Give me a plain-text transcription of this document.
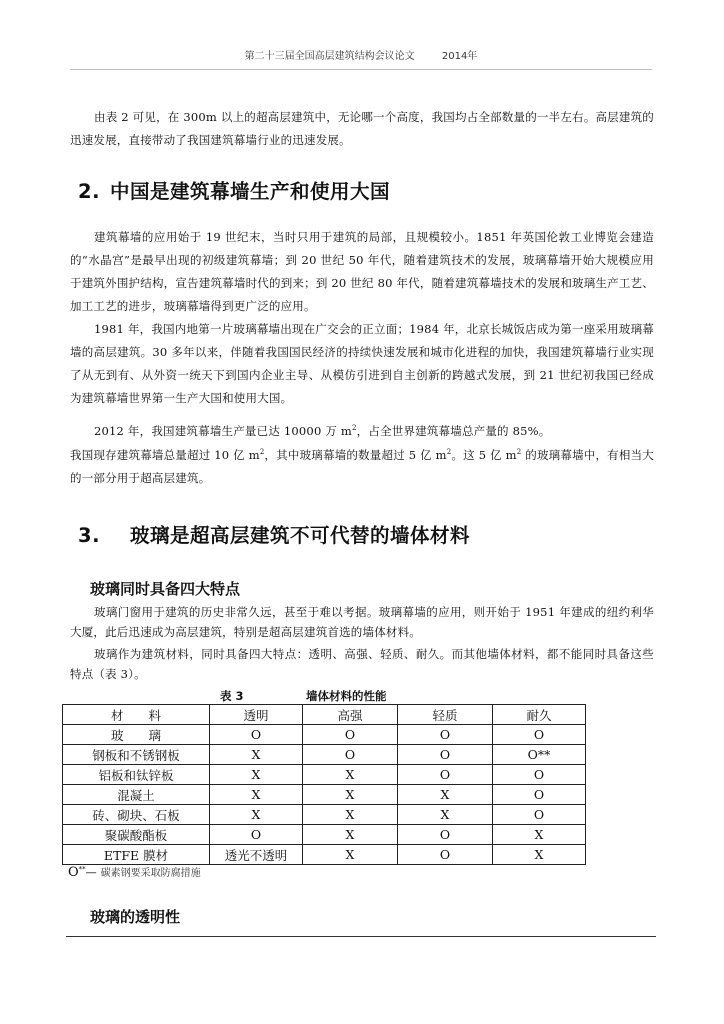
第二十三届全国高层建筑结构会议论文	2014年

由表 2 可见，在 300m 以上的超高层建筑中，无论哪一个高度，我国均占全部数量的一半左右。高层建筑的迅速发展，直接带动了我国建筑幕墙行业的迅速发展。

2. 中国是建筑幕墙生产和使用大国

建筑幕墙的应用始于 19 世纪末，当时只用于建筑的局部，且规模较小。1851 年英国伦敦工业博览会建造的“水晶宫”是最早出现的初级建筑幕墙；到 20 世纪 50 年代，随着建筑技术的发展，玻璃幕墙开始大规模应用于建筑外围护结构，宣告建筑幕墙时代的到来；到 20 世纪 80 年代，随着建筑幕墙技术的发展和玻璃生产工艺、加工工艺的进步，玻璃幕墙得到更广泛的应用。

1981 年，我国内地第一片玻璃幕墙出现在广交会的正立面；1984 年，北京长城饭店成为第一座采用玻璃幕墙的高层建筑。30 多年以来，伴随着我国国民经济的持续快速发展和城市化进程的加快，我国建筑幕墙行业实现了从无到有、从外资一统天下到国内企业主导、从模仿引进到自主创新的跨越式发展，到 21 世纪初我国已经成为建筑幕墙世界第一生产大国和使用大国。

2012 年，我国建筑幕墙生产量已达 10000 万 $m^2$，占全世界建筑幕墙总产量的 85%。

我国现存建筑幕墙总量超过 10 亿 $m^2$，其中玻璃幕墙的数量超过 5 亿 $m^2$。这 5 亿 $m^2$ 的玻璃幕墙中，有相当大的一部分用于超高层建筑。

3. 玻璃是超高层建筑不可代替的墙体材料
玻璃同时具备四大特点

玻璃门窗用于建筑的历史非常久远，甚至于难以考据。玻璃幕墙的应用，则开始于 1951 年建成的纽约利华大厦，此后迅速成为高层建筑，特别是超高层建筑首选的墙体材料。

玻璃作为建筑材料，同时具备四大特点：透明、高强、轻质、耐久。而其他墙体材料，都不能同时具备这些特点（表 3）。

表 3	墙体材料的性能
材　　料	透明	高强	轻质	耐久
玻　　璃	O	O	O	O
钢板和不锈钢板	X	O	O	O**
铝板和钛锌板	X	X	O	O
混凝土	X	X	X	O
砖、砌块、石板	X	X	X	O
聚碳酸酯板	O	X	O	X
ETFE 膜材	透光不透明	X	O	X
O**— 碳素钢要采取防腐措施
玻璃的透明性
